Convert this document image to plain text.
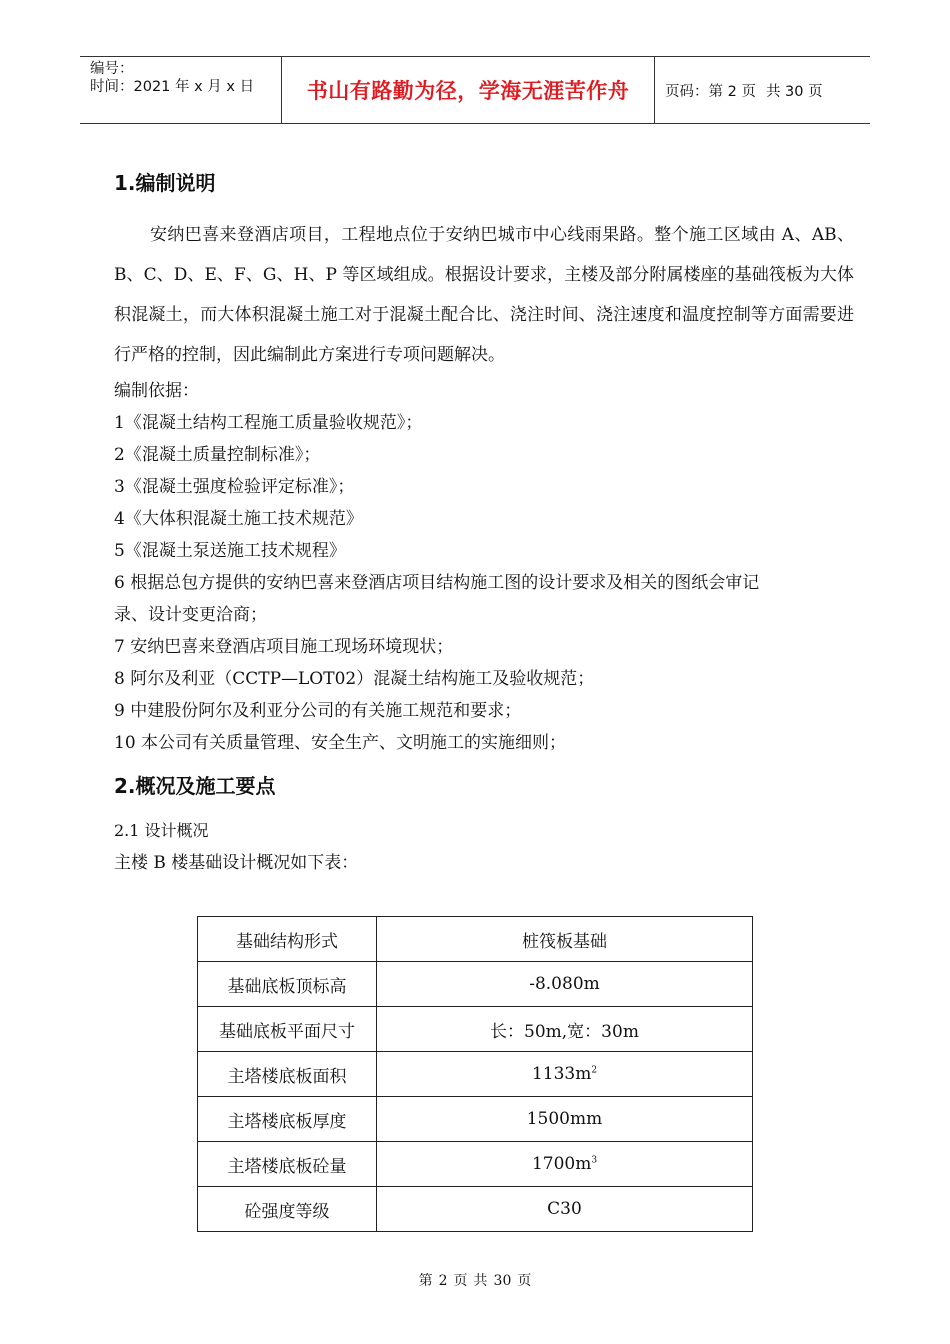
编号：
时间：2021 年 x 月 x 日	书山有路勤为径，学海无涯苦作舟 页码：第 2 页 共 30 页
1.编制说明
安纳巴喜来登酒店项目，工程地点位于安纳巴城市中心线雨果路。整个施工区域由 A、AB、B、C、D、E、F、G、H、P 等区域组成。根据设计要求，主楼及部分附属楼座的基础筏板为大体积混凝土，而大体积混凝土施工对于混凝土配合比、浇注时间、浇注速度和温度控制等方面需要进行严格的控制，因此编制此方案进行专项问题解决。
编制依据：
1《混凝土结构工程施工质量验收规范》；
2《混凝土质量控制标准》；
3《混凝土强度检验评定标准》；
4《大体积混凝土施工技术规范》
5《混凝土泵送施工技术规程》
6 根据总包方提供的安纳巴喜来登酒店项目结构施工图的设计要求及相关的图纸会审记
录、设计变更洽商；
7 安纳巴喜来登酒店项目施工现场环境现状；
8 阿尔及利亚（CCTP—LOT02）混凝土结构施工及验收规范；
9 中建股份阿尔及利亚分公司的有关施工规范和要求；
10 本公司有关质量管理、安全生产、文明施工的实施细则；
2.概况及施工要点
2.1 设计概况
主楼 B 楼基础设计概况如下表：
基础结构形式	桩筏板基础
基础底板顶标高	-8.080m
基础底板平面尺寸	长：50m,宽：30m
主塔楼底板面积	$1133m^2$
主塔楼底板厚度	1500mm
主塔楼底板砼量	$1700m^3$
砼强度等级	C30
第 2 页 共 30 页
